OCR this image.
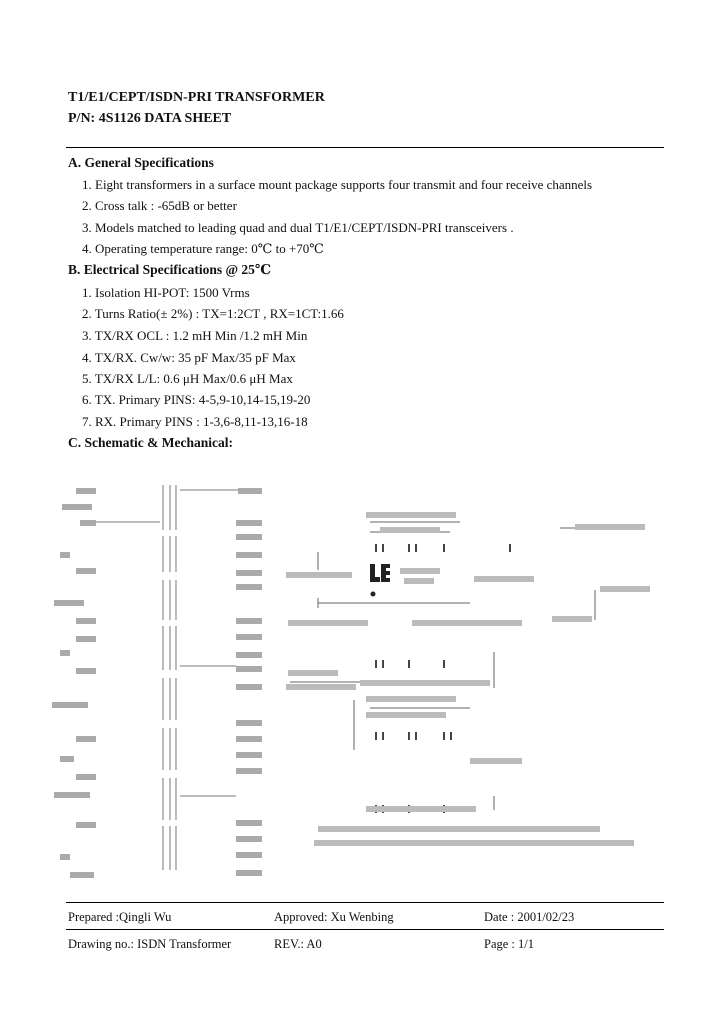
T1/E1/CEPT/ISDN-PRI TRANSFORMER
P/N: 4S1126 DATA SHEET
A. General Specifications
1. Eight transformers in a surface mount package supports four transmit and four receive channels
2. Cross talk : -65dB or better
3. Models matched to leading quad and dual T1/E1/CEPT/ISDN-PRI transceivers .
4. Operating temperature range: 0℃ to +70℃
B. Electrical Specifications @ 25℃
1. Isolation HI-POT: 1500 Vrms
2. Turns Ratio(± 2%) : TX=1:2CT , RX=1CT:1.66
3. TX/RX OCL : 1.2 mH Min /1.2 mH Min
4. TX/RX. Cw/w: 35 pF Max/35 pF Max
5. TX/RX L/L: 0.6 μH Max/0.6 μH Max
6. TX. Primary PINS: 4-5,9-10,14-15,19-20
7. RX. Primary PINS : 1-3,6-8,11-13,16-18
C. Schematic & Mechanical:
Prepared :Qingli Wu	Approved: Xu Wenbing	Date : 2001/02/23
Drawing no.: ISDN Transformer	REV.: A0	Page : 1/1
